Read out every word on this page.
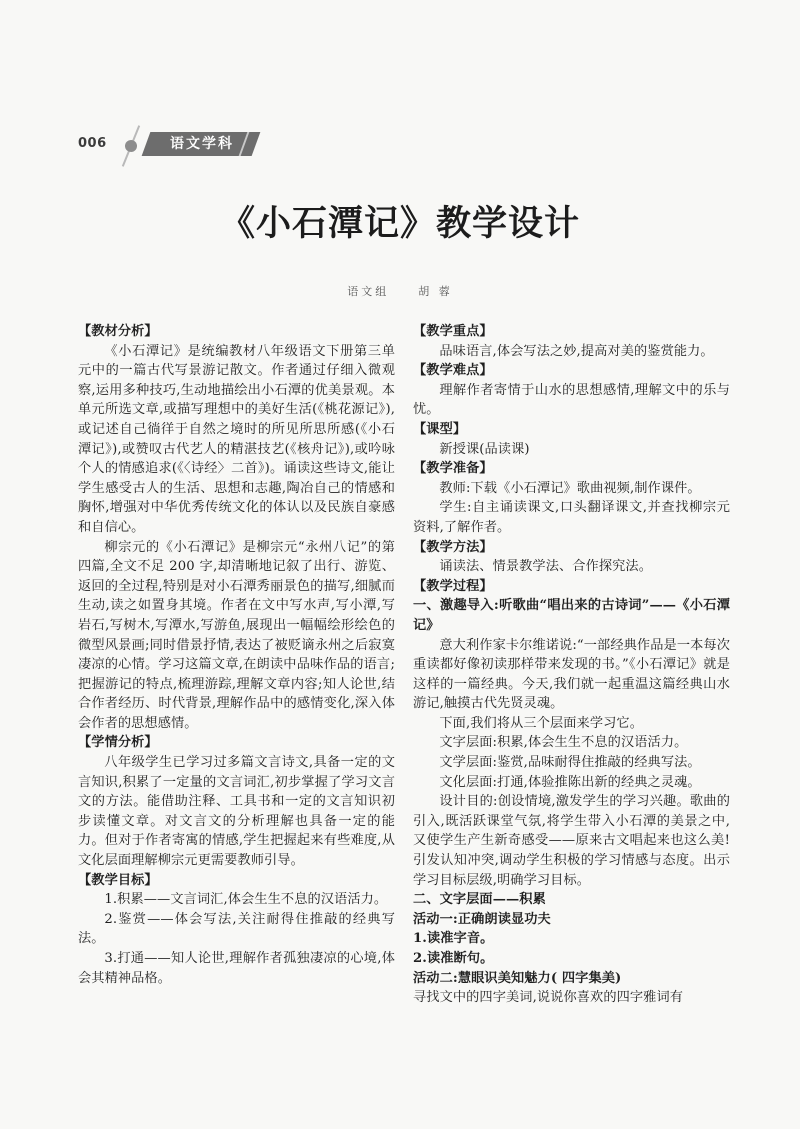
006	语文学科
《小石潭记》教学设计
语文组	胡 蓉

【教材分析】

《小石潭记》是统编教材八年级语文下册第三单元中的一篇古代写景游记散文。作者通过仔细入微观察,运用多种技巧,生动地描绘出小石潭的优美景观。本单元所选文章,或描写理想中的美好生活(《桃花源记》),或记述自己徜徉于自然之境时的所见所思所感(《小石潭记》),或赞叹古代艺人的精湛技艺(《核舟记》),或吟咏个人的情感追求(《〈诗经〉二首》)。诵读这些诗文,能让学生感受古人的生活、思想和志趣,陶冶自己的情感和胸怀,增强对中华优秀传统文化的体认以及民族自豪感和自信心。

柳宗元的《小石潭记》是柳宗元“永州八记”的第四篇,全文不足 200 字,却清晰地记叙了出行、游览、返回的全过程,特别是对小石潭秀丽景色的描写,细腻而生动,读之如置身其境。作者在文中写水声,写小潭,写岩石,写树木,写潭水,写游鱼,展现出一幅幅绘形绘色的微型风景画;同时借景抒情,表达了被贬谪永州之后寂寞凄凉的心情。学习这篇文章,在朗读中品味作品的语言;把握游记的特点,梳理游踪,理解文章内容;知人论世,结合作者经历、时代背景,理解作品中的感情变化,深入体会作者的思想感情。

【学情分析】

八年级学生已学习过多篇文言诗文,具备一定的文言知识,积累了一定量的文言词汇,初步掌握了学习文言文的方法。能借助注释、工具书和一定的文言知识初步读懂文章。对文言文的分析理解也具备一定的能力。但对于作者寄寓的情感,学生把握起来有些难度,从文化层面理解柳宗元更需要教师引导。

【教学目标】

1.积累——文言词汇,体会生生不息的汉语活力。

2.鉴赏——体会写法,关注耐得住推敲的经典写法。

3.打通——知人论世,理解作者孤独凄凉的心境,体会其精神品格。

【教学重点】

品味语言,体会写法之妙,提高对美的鉴赏能力。

【教学难点】

理解作者寄情于山水的思想感情,理解文中的乐与忧。

【课型】

新授课(品读课)

【教学准备】

教师:下载《小石潭记》歌曲视频,制作课件。

学生:自主诵读课文,口头翻译课文,并查找柳宗元资料,了解作者。

【教学方法】

诵读法、情景教学法、合作探究法。

【教学过程】

一、激趣导入:听歌曲“唱出来的古诗词”——《小石潭记》

意大利作家卡尔维诺说:“一部经典作品是一本每次重读都好像初读那样带来发现的书。”《小石潭记》就是这样的一篇经典。今天,我们就一起重温这篇经典山水游记,触摸古代先贤灵魂。

下面,我们将从三个层面来学习它。

文字层面:积累,体会生生不息的汉语活力。

文学层面:鉴赏,品味耐得住推敲的经典写法。

文化层面:打通,体验推陈出新的经典之灵魂。

设计目的:创设情境,激发学生的学习兴趣。歌曲的引入,既活跃课堂气氛,将学生带入小石潭的美景之中,又使学生产生新奇感受——原来古文唱起来也这么美! 引发认知冲突,调动学生积极的学习情感与态度。出示学习目标层级,明确学习目标。

二、文字层面——积累

活动一:正确朗读显功夫

1.读准字音。

2.读准断句。

活动二:慧眼识美知魅力( 四字集美)

寻找文中的四字美词,说说你喜欢的四字雅词有
